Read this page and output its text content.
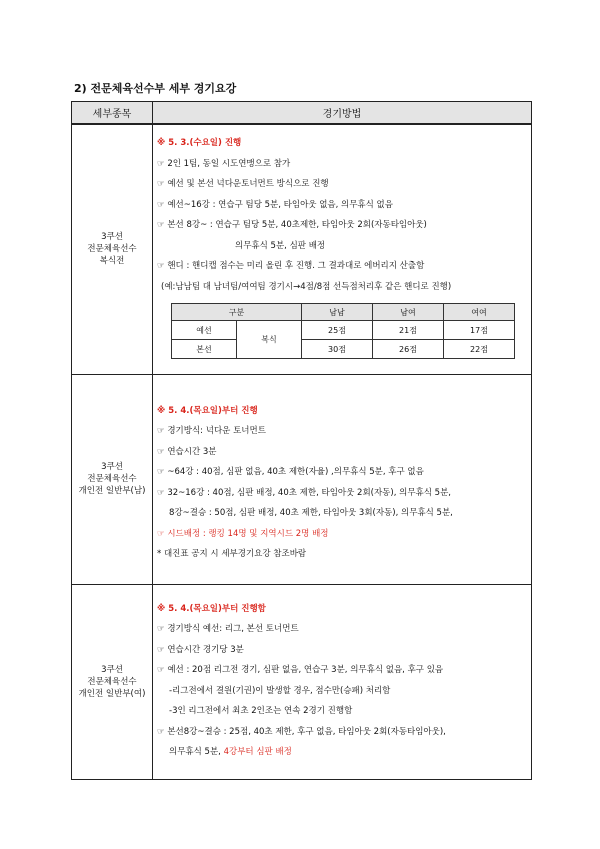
2) 전문체육선수부 세부 경기요강
세부종목	경기방법

3쿠션
전문체육선수
복식전

※ 5. 3.(수요일) 진행
☞ 2인 1팀, 동일 시도연맹으로 참가
☞ 예선 및 본선 넉다운토너먼트 방식으로 진행
☞ 예선~16강 : 연습구 팀당 5분, 타임아웃 없음, 의무휴식 없음
☞ 본선 8강~ : 연습구 팀당 5분, 40초제한, 타임아웃 2회(자동타임아웃)
의무휴식 5분, 심판 배정
☞ 핸디 : 핸디캡 점수는 미리 올린 후 진행. 그 결과대로 에버리지 산출함
(예:남남팀 대 남녀팀/여여팀 경기시→4점/8점 선득점처리후 같은 핸디로 진행)
구분	남남	남여	여여
예선	복식	25점	21점	17점
본선	30점	26점	22점

3쿠션
전문체육선수
개인전 일반부(남)

※ 5. 4.(목요일)부터 진행
☞ 경기방식: 넉다운 토너먼트
☞ 연습시간 3분
☞ ~64강 : 40점, 심판 없음, 40초 제한(자율) ,의무휴식 5분, 후구 없음
☞ 32~16강 : 40점, 심판 배정, 40초 제한, 타임아웃 2회(자동), 의무휴식 5분,
8강~결승 : 50점, 심판 배정, 40초 제한, 타임아웃 3회(자동), 의무휴식 5분,
☞ 시드배정 : 랭킹 14명 및 지역시드 2명 배정
* 대진표 공지 시 세부경기요강 참조바람

3쿠션
전문체육선수
개인전 일반부(여)

※ 5. 4.(목요일)부터 진행함
☞ 경기방식 예선: 리그, 본선 토너먼트
☞ 연습시간 경기당 3분
☞ 예선 : 20점 리그전 경기, 심판 없음, 연습구 3분, 의무휴식 없음, 후구 있음
-리그전에서 결원(기권)이 발생할 경우, 점수만(승패) 처리함
-3인 리그전에서 최초 2인조는 연속 2경기 진행함
☞ 본선8강~결승 : 25점, 40초 제한, 후구 없음, 타임아웃 2회(자동타임아웃),
의무휴식 5분, 4강부터 심판 배정
